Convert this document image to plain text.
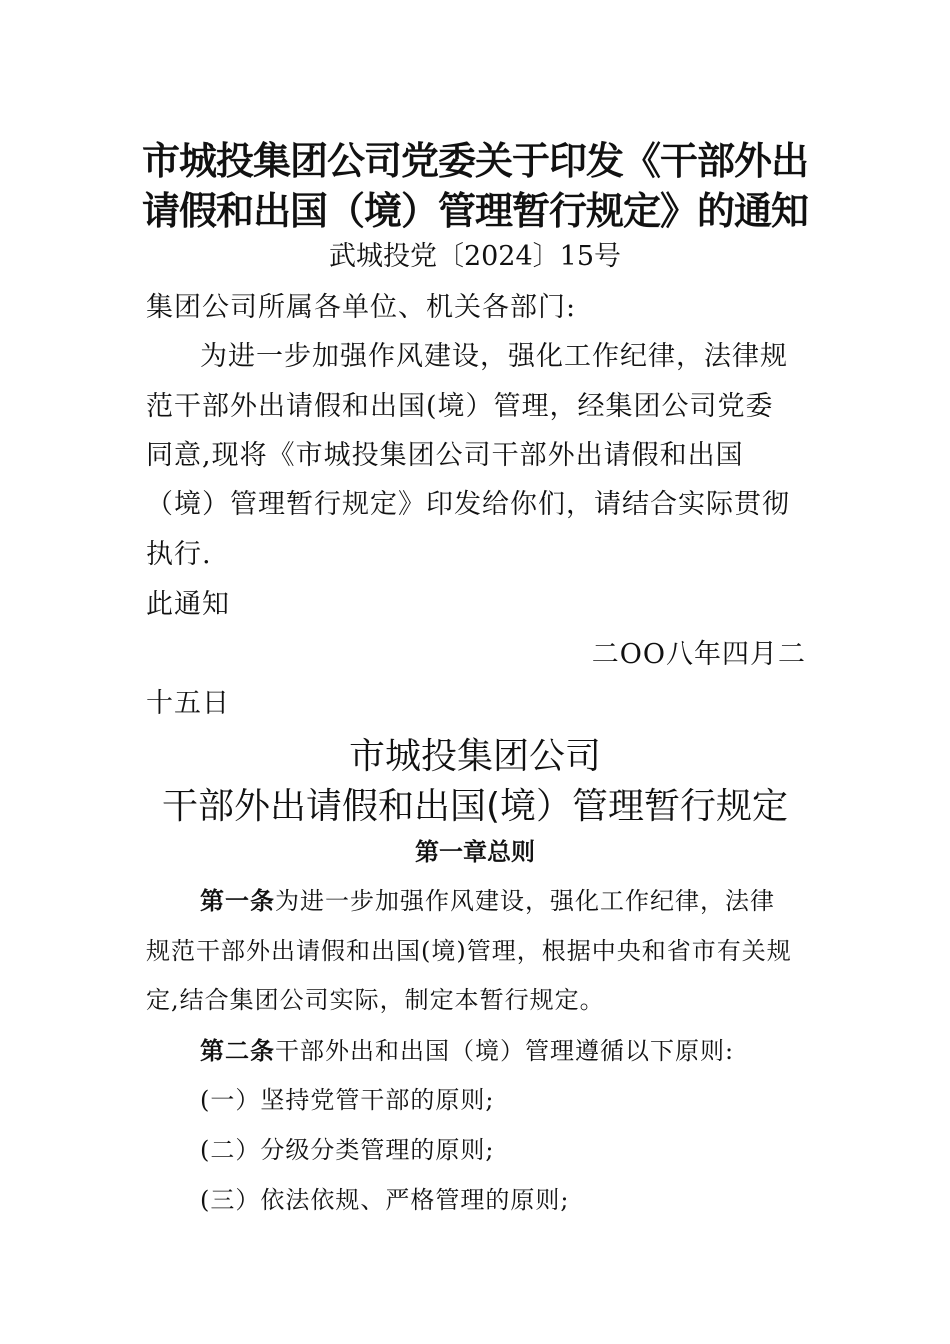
市城投集团公司党委关于印发《干部外出
请假和出国（境）管理暂行规定》的通知
武城投党〔2024〕15号
集团公司所属各单位、机关各部门:
为进一步加强作风建设，强化工作纪律，法律规
范干部外出请假和出国(境）管理，经集团公司党委
同意,现将《市城投集团公司干部外出请假和出国
（境）管理暂行规定》印发给你们，请结合实际贯彻
执行.
此通知
二OO八年四月二
十五日
市城投集团公司
干部外出请假和出国(境）管理暂行规定
第一章总则
第一条为进一步加强作风建设，强化工作纪律，法律
规范干部外出请假和出国(境)管理，根据中央和省市有关规
定,结合集团公司实际，制定本暂行规定。
第二条干部外出和出国（境）管理遵循以下原则:
(一）坚持党管干部的原则;
(二）分级分类管理的原则;
(三）依法依规、严格管理的原则;
